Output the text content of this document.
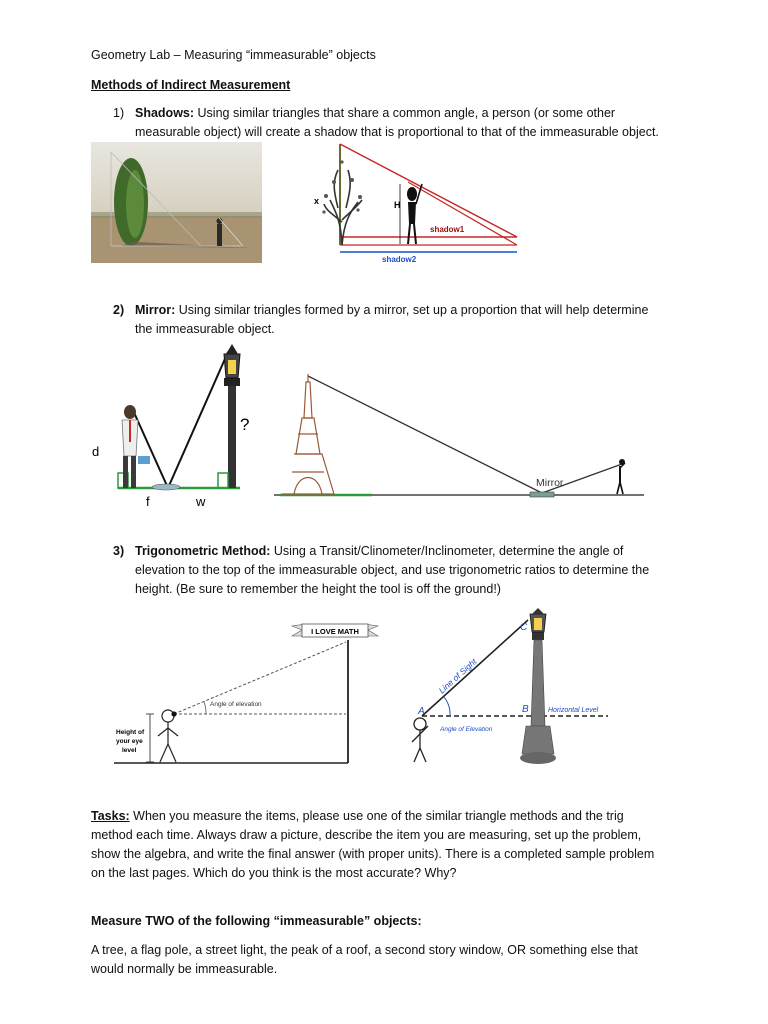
Geometry Lab – Measuring “immeasurable” objects
Methods of Indirect Measurement
1) Shadows: Using similar triangles that share a common angle, a person (or some other
measurable object) will create a shadow that is proportional to that of the immeasurable object.
x	H
shadow1
shadow2
2) Mirror: Using similar triangles formed by a mirror, set up a proportion that will help determine
the immeasurable object.
d
f	w
?
Mirror
3) Trigonometric Method: Using a Transit/Clinometer/Inclinometer, determine the angle of
elevation to the top of the immeasurable object, and use trigonometric ratios to determine the
height. (Be sure to remember the height the tool is off the ground!)
I LOVE MATH
Angle of elevation
Height of
your eye
level
A	B
C
Line of Sight
Horizontal Level
Angle of Elevation
Tasks: When you measure the items, please use one of the similar triangle methods and the trig
method each time. Always draw a picture, describe the item you are measuring, set up the problem,
show the algebra, and write the final answer (with proper units). There is a completed sample problem
on the last pages. Which do you think is the most accurate? Why?
Measure TWO of the following “immeasurable” objects:
A tree, a flag pole, a street light, the peak of a roof, a second story window, OR something else that
would normally be immeasurable.
